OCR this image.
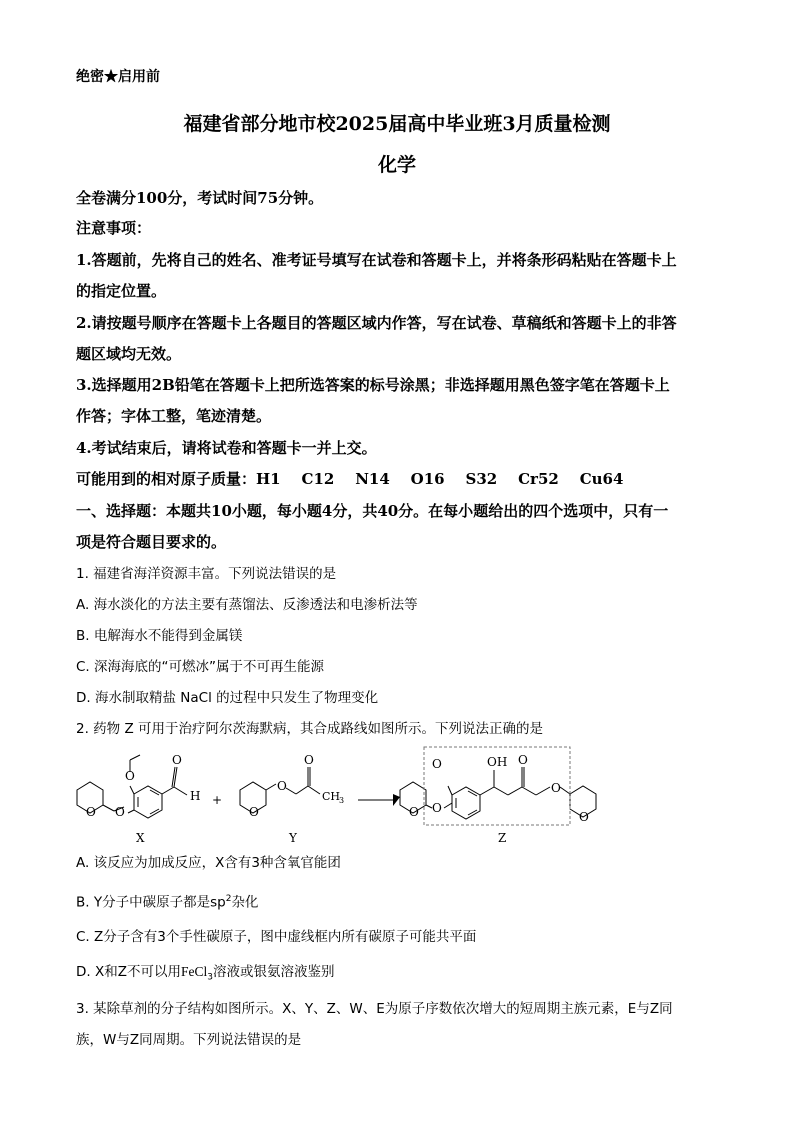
绝密★启用前
福建省部分地市校2025届高中毕业班3月质量检测
化学
全卷满分100分，考试时间75分钟。
注意事项：
1.答题前，先将自己的姓名、准考证号填写在试卷和答题卡上，并将条形码粘贴在答题卡上
的指定位置。
2.请按题号顺序在答题卡上各题目的答题区域内作答，写在试卷、草稿纸和答题卡上的非答
题区域均无效。
3.选择题用2B铅笔在答题卡上把所选答案的标号涂黑；非选择题用黑色签字笔在答题卡上
作答；字体工整，笔迹清楚。
4.考试结束后，请将试卷和答题卡一并上交。
可能用到的相对原子质量：H1    C12    N14    O16    S32    Cr52    Cu64
一、选择题：本题共10小题，每小题4分，共40分。在每小题给出的四个选项中，只有一
项是符合题目要求的。
1. 福建省海洋资源丰富。下列说法错误的是
A. 海水淡化的方法主要有蒸馏法、反渗透法和电渗析法等
B. 电解海水不能得到金属镁
C. 深海海底的“可燃冰”属于不可再生能源
D. 海水制取精盐 NaCl 的过程中只发生了物理变化
2. 药物 Z 可用于治疗阿尔茨海默病，其合成路线如图所示。下列说法正确的是
O O
O
O
H +
O
O
O
CH
3
O O
O	OH O
O
O
X	Y	Z
A. 该反应为加成反应，X含有3种含氧官能团
B. Y分子中碳原子都是$sp^2$杂化
C. Z分子含有3个手性碳原子，图中虚线框内所有碳原子可能共平面
D. X和Z不可以用FeCl$_3$溶液或银氨溶液鉴别
3. 某除草剂的分子结构如图所示。X、Y、Z、W、E为原子序数依次增大的短周期主族元素，E与Z同
族，W与Z同周期。下列说法错误的是
